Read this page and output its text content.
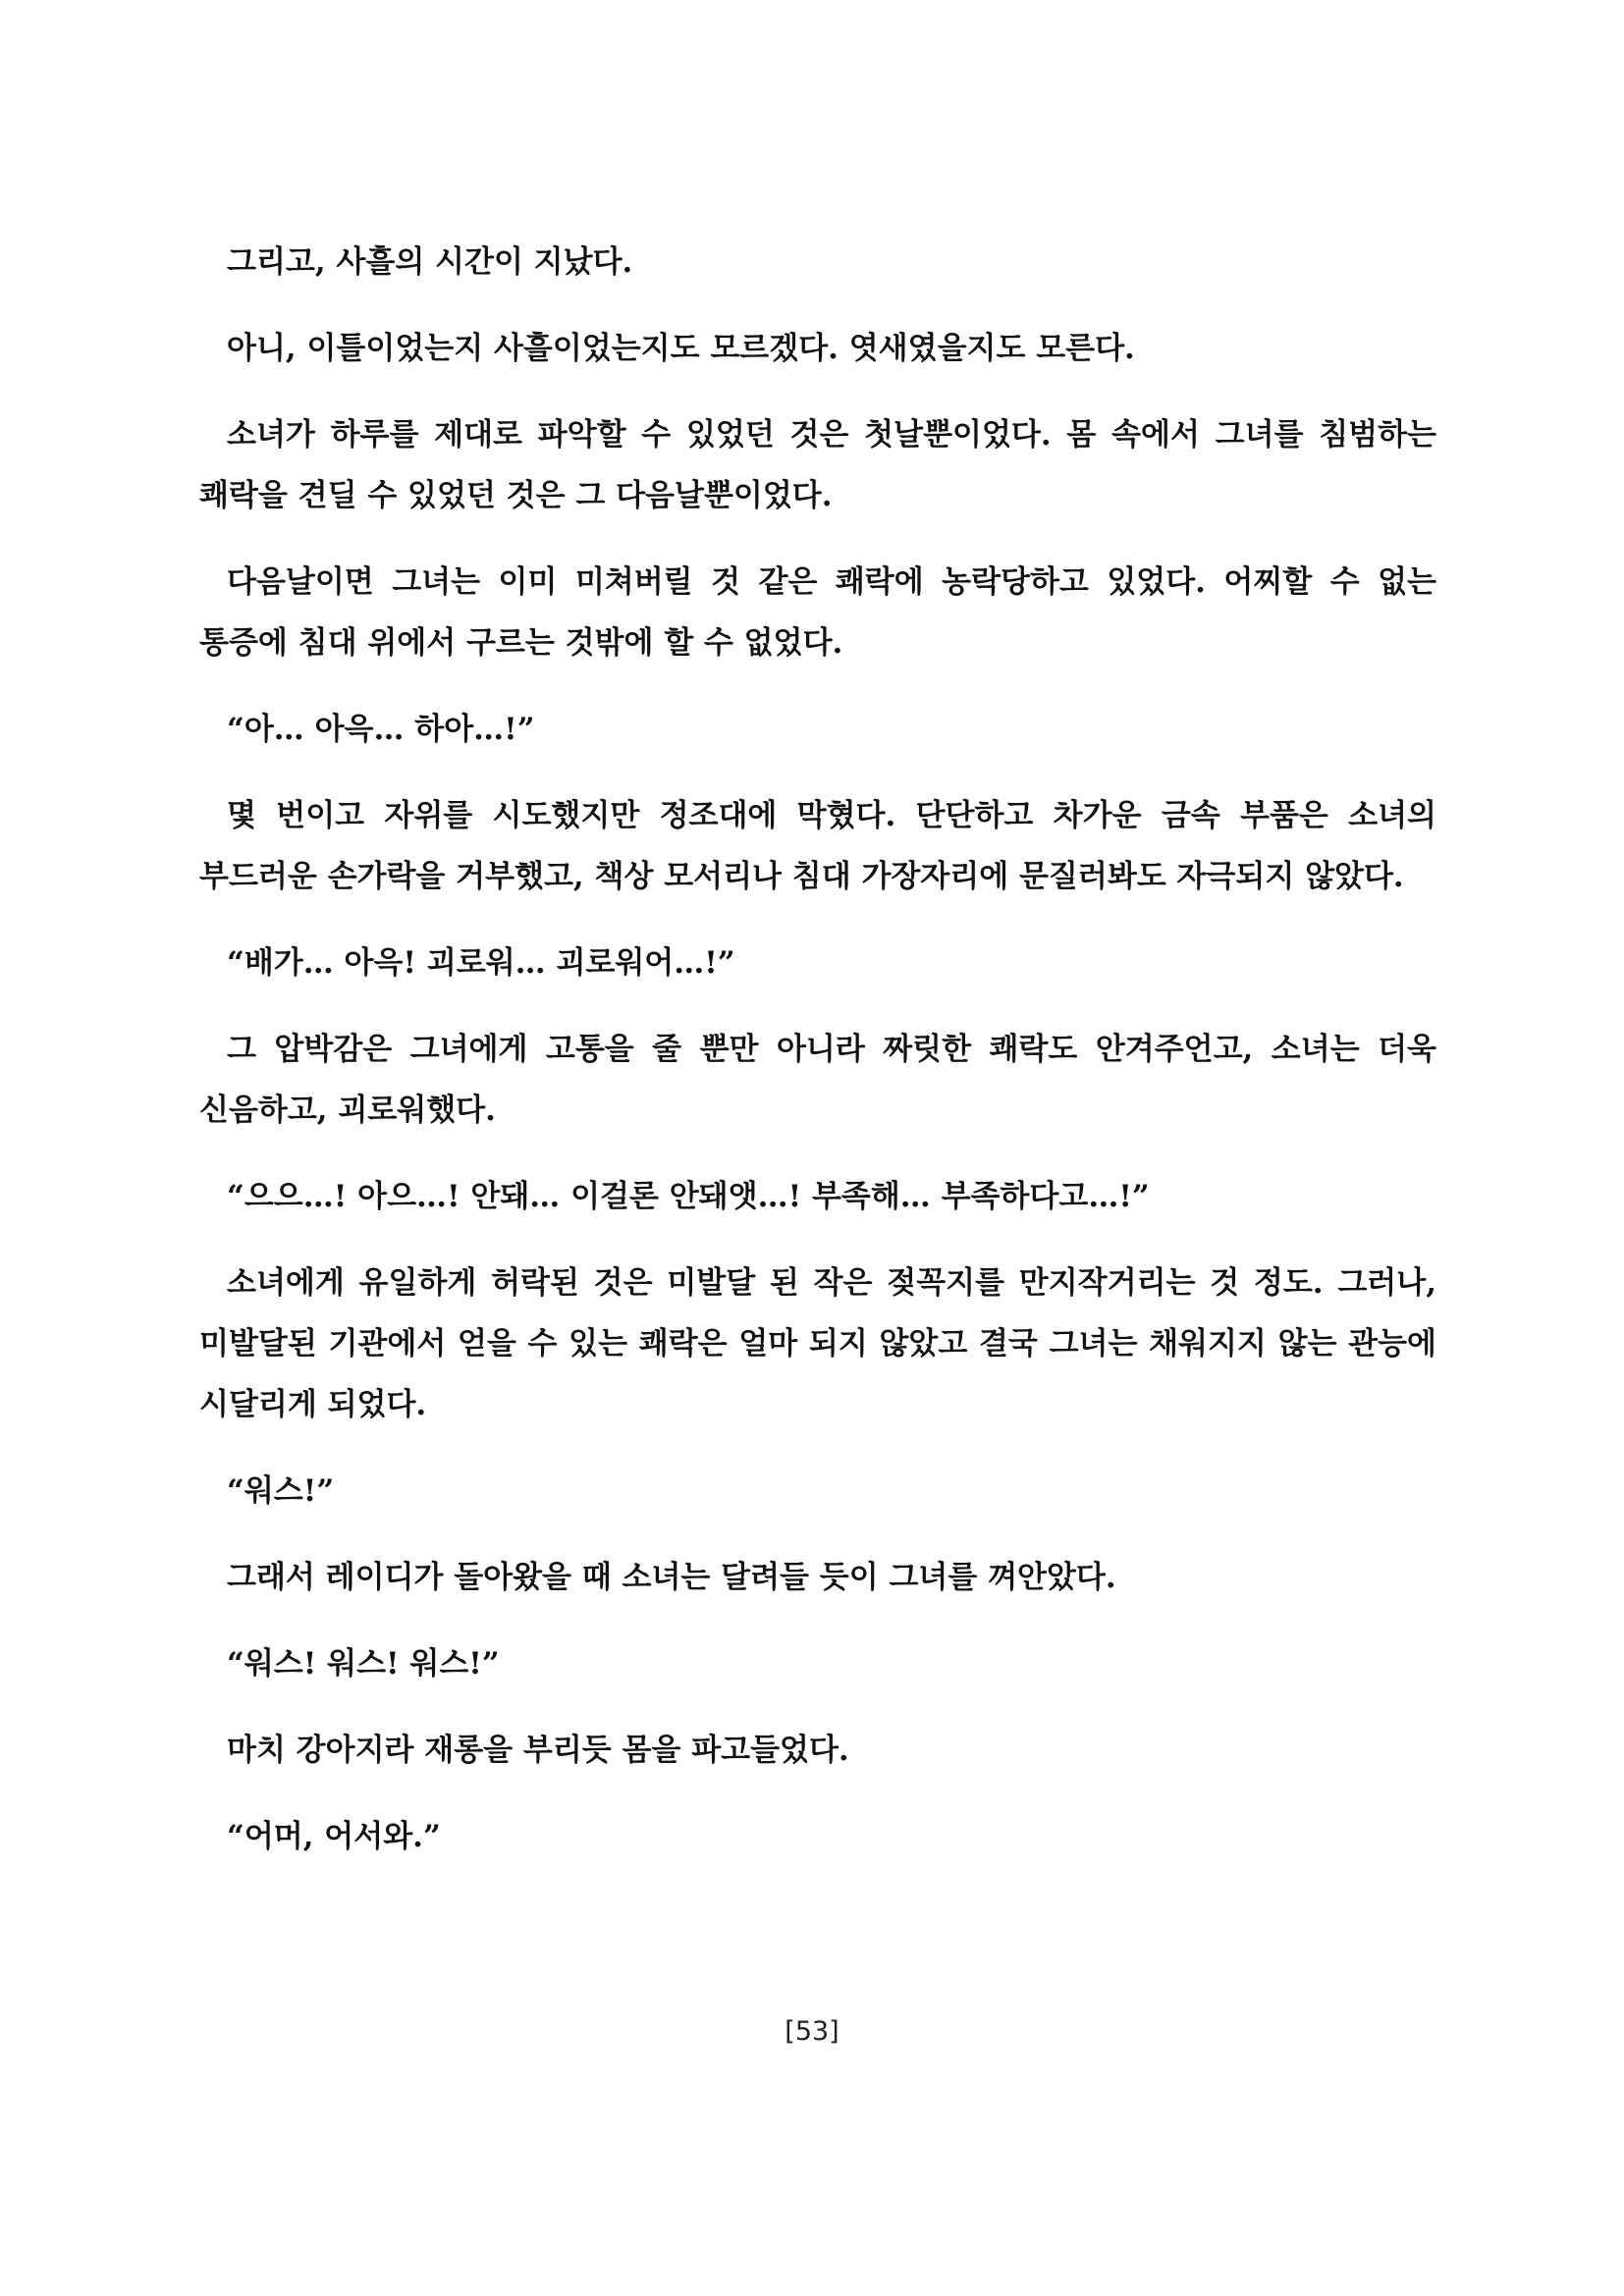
그리고, 사흘의 시간이 지났다.

아니, 이틀이었는지 사흘이었는지도 모르겠다. 엿새였을지도 모른다.

소녀가 하루를 제대로 파악할 수 있었던 것은 첫날뿐이었다. 몸 속에서 그녀를 침범하는 쾌락을 견딜 수 있었던 것은 그 다음날뿐이었다.

다음날이면 그녀는 이미 미쳐버릴 것 같은 쾌락에 농락당하고 있었다. 어찌할 수 없는 통증에 침대 위에서 구르는 것밖에 할 수 없었다.

“아… 아윽… 하아…!”

몇 번이고 자위를 시도했지만 정조대에 막혔다. 단단하고 차가운 금속 부품은 소녀의 부드러운 손가락을 거부했고, 책상 모서리나 침대 가장자리에 문질러봐도 자극되지 않았다.

“배가… 아윽! 괴로워… 괴로워어…!”

그 압박감은 그녀에게 고통을 줄 뿐만 아니라 짜릿한 쾌락도 안겨주언고, 소녀는 더욱 신음하고, 괴로워했다.

“으으…! 아으…! 안돼… 이걸론 안돼앳…! 부족해… 부족하다고…!”

소녀에게 유일하게 허락된 것은 미발달 된 작은 젖꼭지를 만지작거리는 것 정도. 그러나, 미발달된 기관에서 얻을 수 있는 쾌락은 얼마 되지 않았고 결국 그녀는 채워지지 않는 관능에 시달리게 되었다.

“워스!”

그래서 레이디가 돌아왔을 때 소녀는 달려들 듯이 그녀를 껴안았다.

“워스! 워스! 워스!”

마치 강아지라 재롱을 부리듯 몸을 파고들었다.

“어머, 어서와.”

[53]
